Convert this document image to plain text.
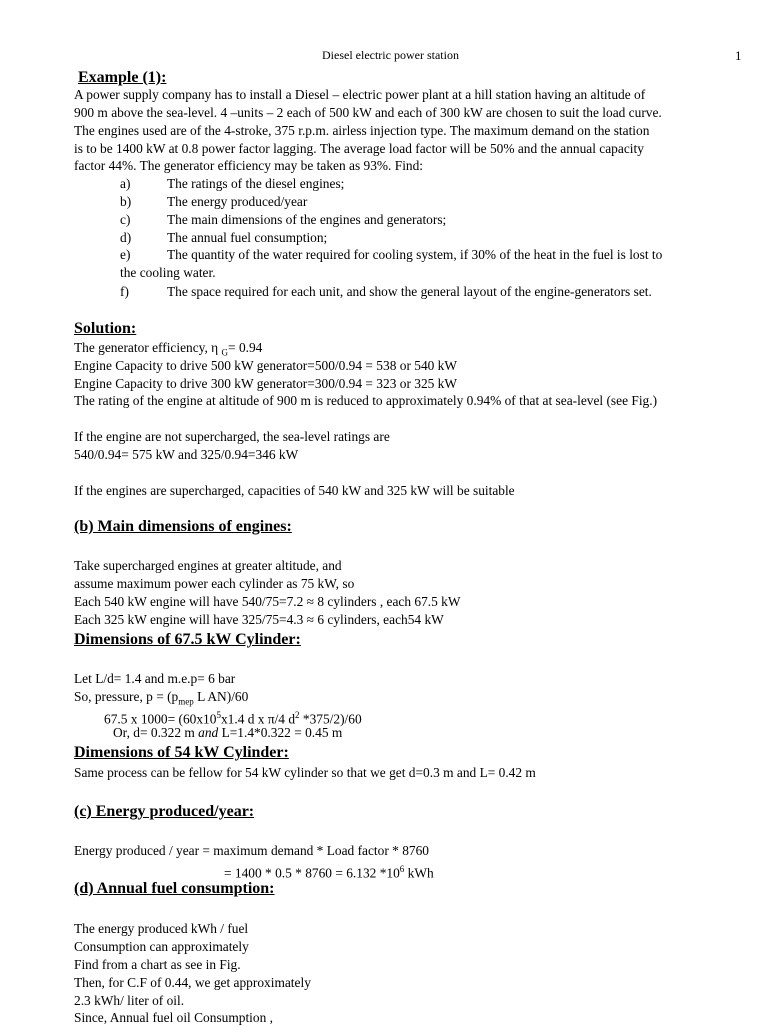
Diesel electric power station	1
Example (1):
A power supply company has to install a Diesel – electric power plant at a hill station having an altitude of
900 m above the sea-level. 4 –units – 2 each of 500 kW and each of 300 kW are chosen to suit the load curve.
The engines used are of the 4-stroke, 375 r.p.m. airless injection type. The maximum demand on the station
is to be 1400 kW at 0.8 power factor lagging. The average load factor will be 50% and the annual capacity
factor 44%. The generator efficiency may be taken as 93%. Find:
a)	The ratings of the diesel engines;
b)	The energy produced/year
c)	The main dimensions of the engines and generators;
d)	The annual fuel consumption;
e)	The quantity of the water required for cooling system, if 30% of the heat in the fuel is lost to
the cooling water.
f)	The space required for each unit, and show the general layout of the engine-generators set.
Solution:
The generator efficiency, η $_G$= 0.94
Engine Capacity to drive 500 kW generator=500/0.94 = 538 or 540 kW
Engine Capacity to drive 300 kW generator=300/0.94 = 323 or 325 kW
The rating of the engine at altitude of 900 m is reduced to approximately 0.94% of that at sea-level (see Fig.)
If the engine are not supercharged, the sea-level ratings are
540/0.94= 575 kW and 325/0.94=346 kW
If the engines are supercharged, capacities of 540 kW and 325 kW will be suitable
(b) Main dimensions of engines:
Take supercharged engines at greater altitude, and
assume maximum power each cylinder as 75 kW, so
Each 540 kW engine will have 540/75=7.2 ≈ 8 cylinders , each 67.5 kW
Each 325 kW engine will have 325/75=4.3 ≈ 6 cylinders, each54 kW
Dimensions of 67.5 kW Cylinder:
Let L/d= 1.4 and m.e.p= 6 bar
So, pressure, $p = (p_{mep}$ L AN)/60
67.5 x $1000= (60x10^5x1.4$ d x π/4 $d^2$ *375/2)/60
Or, d= 0.322 m and L=1.4*0.322 = 0.45 m
Dimensions of 54 kW Cylinder:
Same process can be fellow for 54 kW cylinder so that we get d=0.3 m and L= 0.42 m
(c) Energy produced/year:
Energy produced / year = maximum demand * Load factor * 8760
= 1400 * 0.5 * 8760 = 6.132 $*10^6$ kWh
(d) Annual fuel consumption:
The energy produced kWh / fuel
Consumption can approximately
Find from a chart as see in Fig.
Then, for C.F of 0.44, we get approximately
2.3 kWh/ liter of oil.
Since, Annual fuel oil Consumption ,
